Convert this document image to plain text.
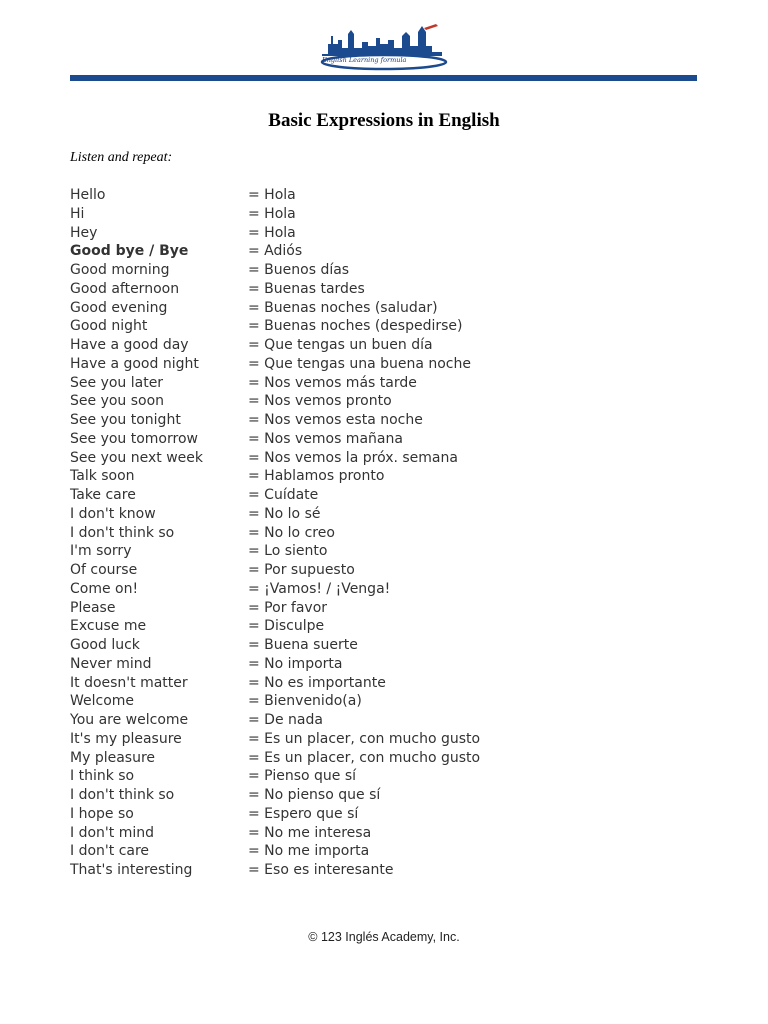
English Learning formula
Basic Expressions in English
Listen and repeat:
Hello	= Hola
Hi	= Hola
Hey	= Hola
Good bye / Bye	= Adiós
Good morning	= Buenos días
Good afternoon	= Buenas tardes
Good evening	= Buenas noches (saludar)
Good night	= Buenas noches (despedirse)
Have a good day	= Que tengas un buen día
Have a good night	= Que tengas una buena noche
See you later	= Nos vemos más tarde
See you soon	= Nos vemos pronto
See you tonight	= Nos vemos esta noche
See you tomorrow	= Nos vemos mañana
See you next week	= Nos vemos la próx. semana
Talk soon	= Hablamos pronto
Take care	= Cuídate
I don't know	= No lo sé
I don't think so	= No lo creo
I'm sorry	= Lo siento
Of course	= Por supuesto
Come on!	= ¡Vamos! / ¡Venga!
Please	= Por favor
Excuse me	= Disculpe
Good luck	= Buena suerte
Never mind	= No importa
It doesn't matter	= No es importante
Welcome	= Bienvenido(a)
You are welcome	= De nada
It's my pleasure	= Es un placer, con mucho gusto
My pleasure	= Es un placer, con mucho gusto
I think so	= Pienso que sí
I don't think so	= No pienso que sí
I hope so	= Espero que sí
I don't mind	= No me interesa
I don't care	= No me importa
That's interesting	= Eso es interesante
© 123 Inglés Academy, Inc.
